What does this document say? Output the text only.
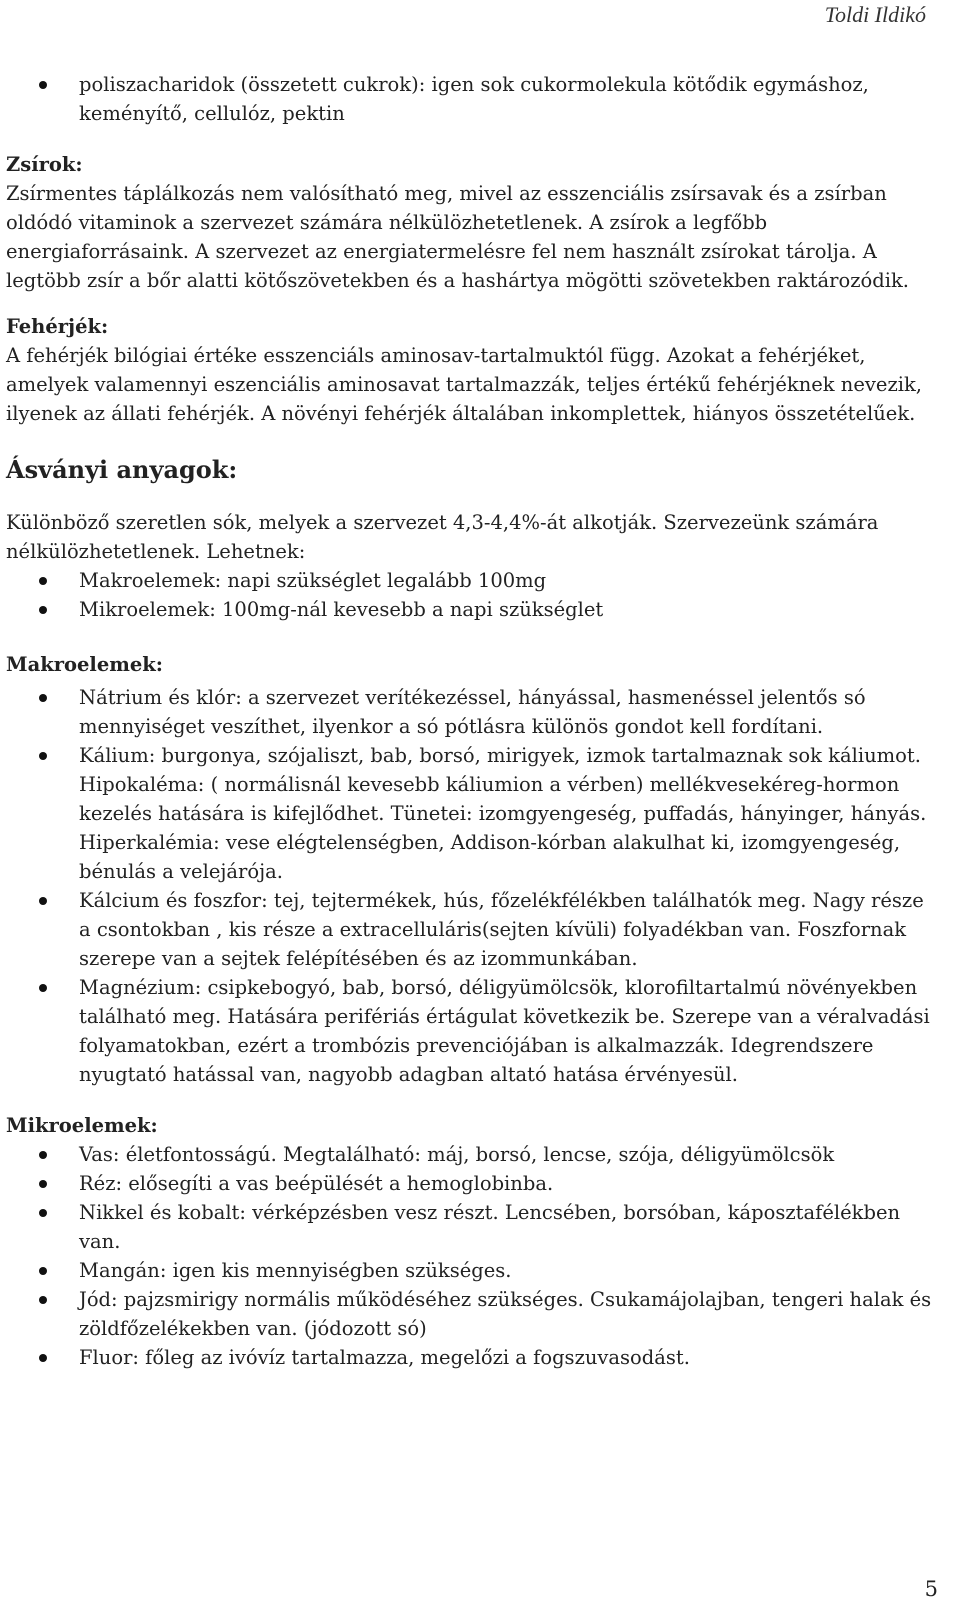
Toldi Ildikó
poliszacharidok (összetett cukrok): igen sok cukormolekula kötődik egymáshoz, keményítő, cellulóz, pektin
Zsírok:

Zsírmentes táplálkozás nem valósítható meg, mivel az esszenciális zsírsavak és a zsírban oldódó vitaminok a szervezet számára nélkülözhetetlenek. A zsírok a legfőbb energiaforrásaink. A szervezet az energiatermelésre fel nem használt zsírokat tárolja. A legtöbb zsír a bőr alatti kötőszövetekben és a hashártya mögötti szövetekben raktározódik.

Fehérjék:

A fehérjék bilógiai értéke esszenciáls aminosav-tartalmuktól függ. Azokat a fehérjéket, amelyek valamennyi eszenciális aminosavat tartalmazzák, teljes értékű fehérjéknek nevezik, ilyenek az állati fehérjék. A növényi fehérjék általában inkomplettek, hiányos összetételűek.

Ásványi anyagok:

Különböző szeretlen sók, melyek a szervezet 4,3-4,4%-át alkotják. Szervezeünk számára nélkülözhetetlenek. Lehetnek:

Makroelemek: napi szükséglet legalább 100mg
Mikroelemek: 100mg-nál kevesebb a napi szükséglet
Makroelemek:
Nátrium és klór: a szervezet verítékezéssel, hányással, hasmenéssel jelentős só mennyiséget veszíthet, ilyenkor a só pótlásra különös gondot kell fordítani.
Kálium: burgonya, szójaliszt, bab, borsó, mirigyek, izmok tartalmaznak sok káliumot. Hipokaléma: ( normálisnál kevesebb káliumion a vérben) mellékvesekéreg-hormon kezelés hatására is kifejlődhet. Tünetei: izomgyengeség, puffadás, hányinger, hányás. Hiperkalémia: vese elégtelenségben, Addison-kórban alakulhat ki, izomgyengeség, bénulás a velejárója.
Kálcium és foszfor: tej, tejtermékek, hús, főzelékfélékben találhatók meg. Nagy része a csontokban , kis része a extracelluláris(sejten kívüli) folyadékban van. Foszfornak szerepe van a sejtek felépítésében és az izommunkában.
Magnézium: csipkebogyó, bab, borsó, déligyümölcsök, klorofiltartalmú növényekben található meg. Hatására perifériás értágulat következik be. Szerepe van a véralvadási folyamatokban, ezért a trombózis prevenciójában is alkalmazzák. Idegrendszere nyugtató hatással van, nagyobb adagban altató hatása érvényesül.
Mikroelemek:
Vas: életfontosságú. Megtalálható: máj, borsó, lencse, szója, déligyümölcsök
Réz: elősegíti a vas beépülését a hemoglobinba.
Nikkel és kobalt: vérképzésben vesz részt. Lencsében, borsóban, káposztafélékben van.
Mangán: igen kis mennyiségben szükséges.
Jód: pajzsmirigy normális működéséhez szükséges. Csukamájolajban, tengeri halak és zöldfőzelékekben van. (jódozott só)
Fluor: főleg az ivóvíz tartalmazza, megelőzi a fogszuvasodást.
5
